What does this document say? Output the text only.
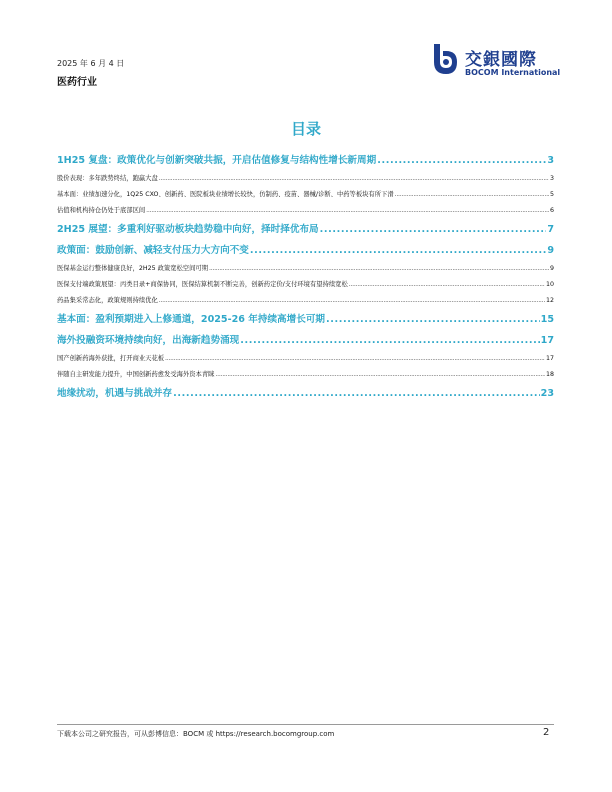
2025 年 6 月 4 日
医药行业
交銀國際
BOCOM International
目录
1H25 复盘：政策优化与创新突破共振，开启估值修复与结构性增长新周期 .....	3
股价表现：多年跌势终结，跑赢大盘 .....	3
基本面：业绩加速分化，1Q25 CXO、创新药、医院板块业绩增长较快，仿制药、疫苗、器械/诊断、中药等板块有所下滑 .....	5
估值和机构持仓仍处于底部区间 .....	6
2H25 展望：多重利好驱动板块趋势稳中向好，择时择优布局 .....	7
政策面：鼓励创新、减轻支付压力大方向不变 .....	9
医保基金运行整体健康良好，2H25 政策宽松空间可期 .....	9
医保支付端政策展望：丙类目录+商保协同，医保结算机制不断完善，创新药定价/支付环境有望持续宽松 .....	10
药品集采常态化，政策规则持续优化 .....	12
基本面：盈利预期进入上修通道，2025-26 年持续高增长可期 .....	15
海外投融资环境持续向好，出海新趋势涌现 .....	17
国产创新药海外获批，打开商业天花板 .....	17
伴随自主研发能力提升，中国创新药愈发受海外资本青睐 .....	18
地缘扰动，机遇与挑战并存 .....	23
下载本公司之研究报告，可从彭博信息：BOCM 或 https://research.bocomgroup.com	2
